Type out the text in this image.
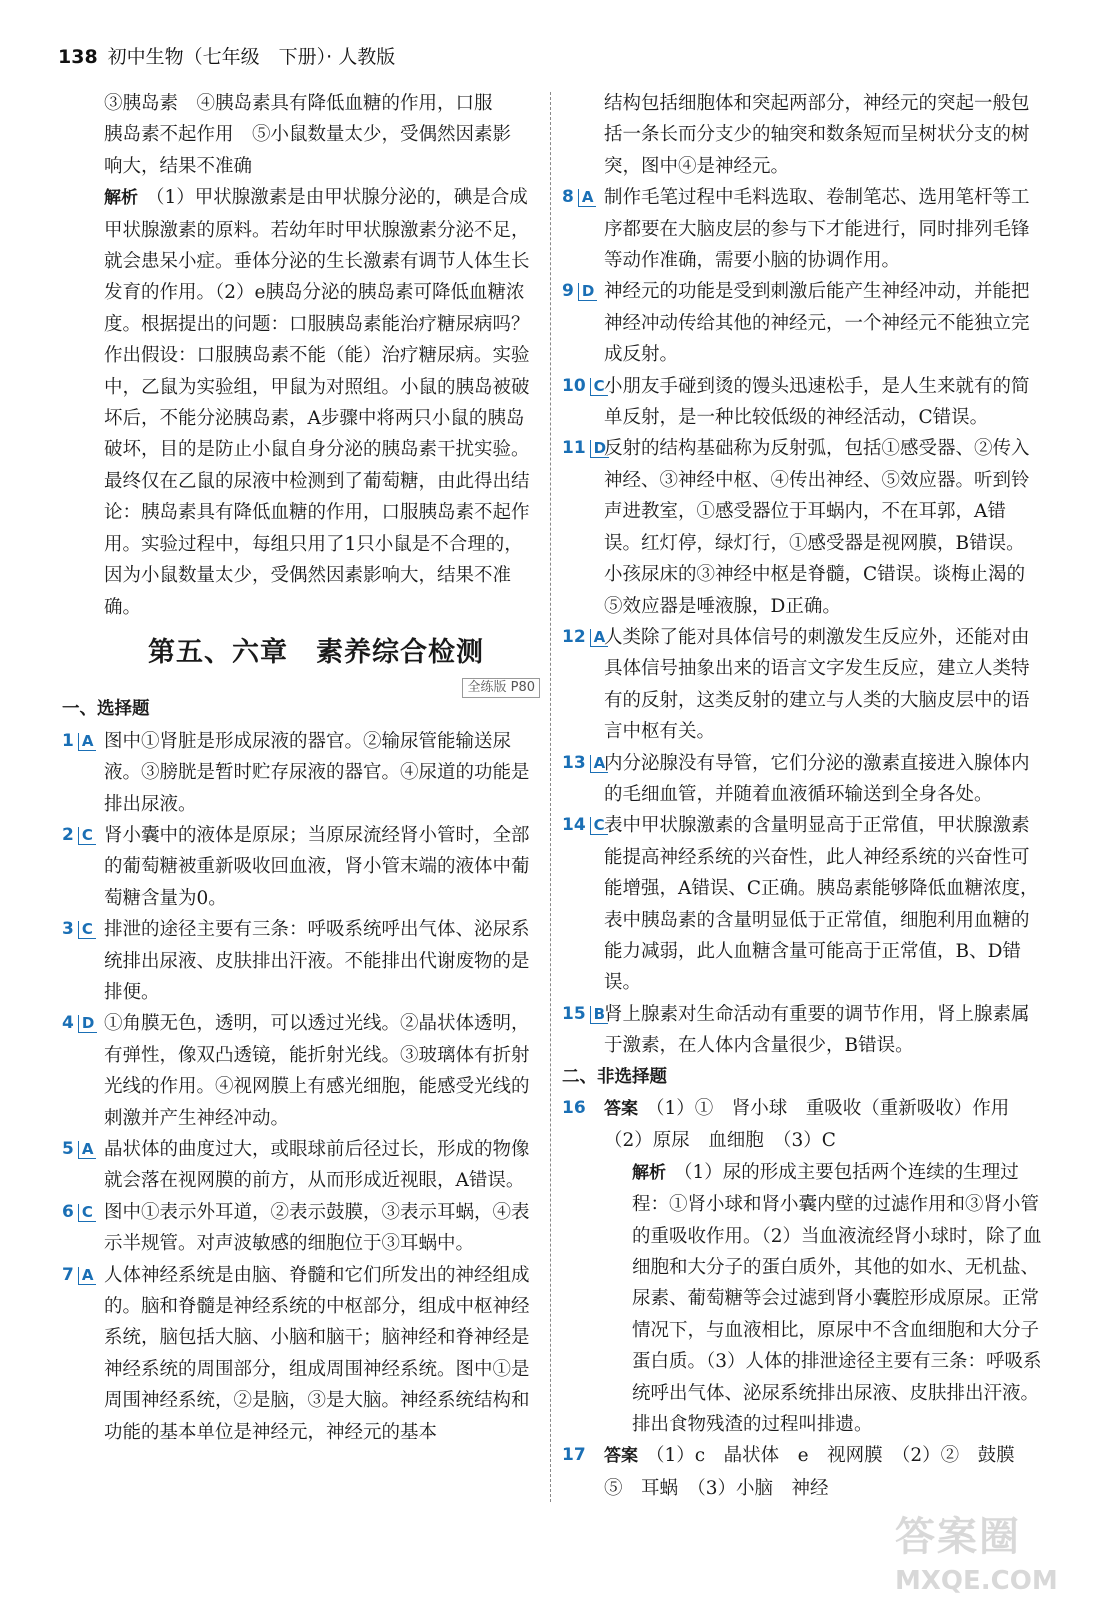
138 初中生物（七年级　下册）· 人教版

③胰岛素　④胰岛素具有降低血糖的作用，口服

胰岛素不起作用　⑤小鼠数量太少，受偶然因素影

响大，结果不准确

解析 （1）甲状腺激素是由甲状腺分泌的，碘是合成甲状腺激素的原料。若幼年时甲状腺激素分泌不足，就会患呆小症。垂体分泌的生长激素有调节人体生长发育的作用。（2）e胰岛分泌的胰岛素可降低血糖浓度。根据提出的问题：口服胰岛素能治疗糖尿病吗？作出假设：口服胰岛素不能（能）治疗糖尿病。实验中，乙鼠为实验组，甲鼠为对照组。小鼠的胰岛被破坏后，不能分泌胰岛素，A步骤中将两只小鼠的胰岛破坏，目的是防止小鼠自身分泌的胰岛素干扰实验。最终仅在乙鼠的尿液中检测到了葡萄糖，由此得出结论：胰岛素具有降低血糖的作用，口服胰岛素不起作用。实验过程中，每组只用了1只小鼠是不合理的，因为小鼠数量太少，受偶然因素影响大，结果不准确。

第五、六章　素养综合检测
全练版 P80
一、选择题
1 A 图中①肾脏是形成尿液的器官。②输尿管能输送尿液。③膀胱是暂时贮存尿液的器官。④尿道的功能是排出尿液。
2 C 肾小囊中的液体是原尿；当原尿流经肾小管时，全部的葡萄糖被重新吸收回血液，肾小管末端的液体中葡萄糖含量为0。
3 C 排泄的途径主要有三条：呼吸系统呼出气体、泌尿系统排出尿液、皮肤排出汗液。不能排出代谢废物的是排便。
4 D ①角膜无色，透明，可以透过光线。②晶状体透明，有弹性，像双凸透镜，能折射光线。③玻璃体有折射光线的作用。④视网膜上有感光细胞，能感受光线的刺激并产生神经冲动。
5 A 晶状体的曲度过大，或眼球前后径过长，形成的物像就会落在视网膜的前方，从而形成近视眼，A错误。
6 C 图中①表示外耳道，②表示鼓膜，③表示耳蜗，④表示半规管。对声波敏感的细胞位于③耳蜗中。
7 A 人体神经系统是由脑、脊髓和它们所发出的神经组成的。脑和脊髓是神经系统的中枢部分，组成中枢神经系统，脑包括大脑、小脑和脑干；脑神经和脊神经是神经系统的周围部分，组成周围神经系统。图中①是周围神经系统，②是脑，③是大脑。神经系统结构和功能的基本单位是神经元，神经元的基本

结构包括细胞体和突起两部分，神经元的突起一般包括一条长而分支少的轴突和数条短而呈树状分支的树突，图中④是神经元。

8 A 制作毛笔过程中毛料选取、卷制笔芯、选用笔杆等工序都要在大脑皮层的参与下才能进行，同时排列毛锋等动作准确，需要小脑的协调作用。
9 D 神经元的功能是受到刺激后能产生神经冲动，并能把神经冲动传给其他的神经元，一个神经元不能独立完成反射。
10 C 小朋友手碰到烫的馒头迅速松手，是人生来就有的简单反射，是一种比较低级的神经活动，C错误。
11 D
反射的结构基础称为反射弧，包括①感受器、②传入神经、③神经中枢、④传出神经、⑤效应器。听到铃声进教室，①感受器位于耳蜗内，不在耳郭，A错误。红灯停，绿灯行，①感受器是视网膜，B错误。小孩尿床的③神经中枢是脊髓，C错误。谈梅止渴的⑤效应器是唾液腺，D正确。
12 A
人类除了能对具体信号的刺激发生反应外，还能对由具体信号抽象出来的语言文字发生反应，建立人类特有的反射，这类反射的建立与人类的大脑皮层中的语言中枢有关。
13 A
内分泌腺没有导管，它们分泌的激素直接进入腺体内的毛细血管，并随着血液循环输送到全身各处。
14 C 表中甲状腺激素的含量明显高于正常值，甲状腺激素能提高神经系统的兴奋性，此人神经系统的兴奋性可能增强，A错误、C正确。胰岛素能够降低血糖浓度，表中胰岛素的含量明显低于正常值，细胞利用血糖的能力减弱，此人血糖含量可能高于正常值，B、D错误。
15 B
肾上腺素对生命活动有重要的调节作用，肾上腺素属于激素，在人体内含量很少，B错误。
二、非选择题
16 答案 （1）①　肾小球　重吸收（重新吸收）作用　（2）原尿　血细胞　（3）C

解析 （1）尿的形成主要包括两个连续的生理过程：①肾小球和肾小囊内壁的过滤作用和③肾小管的重吸收作用。（2）当血液流经肾小球时，除了血细胞和大分子的蛋白质外，其他的如水、无机盐、尿素、葡萄糖等会过滤到肾小囊腔形成原尿。正常情况下，与血液相比，原尿中不含血细胞和大分子蛋白质。（3）人体的排泄途径主要有三条：呼吸系统呼出气体、泌尿系统排出尿液、皮肤排出汗液。排出食物残渣的过程叫排遗。

17 答案 （1）c　晶状体　e　视网膜　（2）②　鼓膜　⑤　耳蜗　（3）小脑　神经

答案圈
MXQE.COM
